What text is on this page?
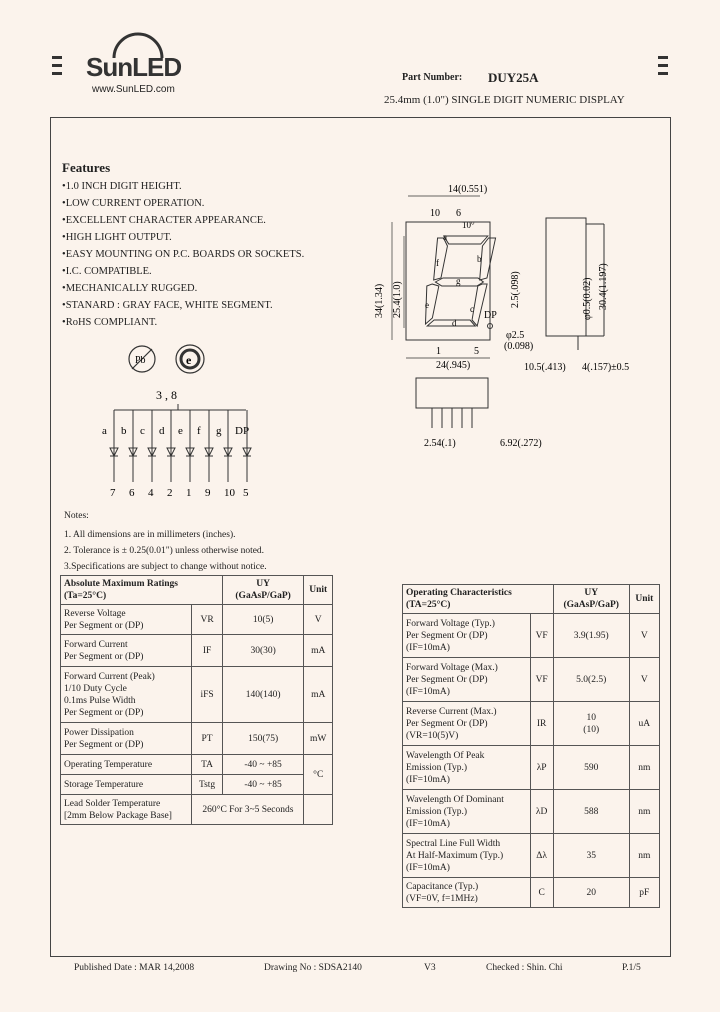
SunLED
www.SunLED.com
Part Number: DUY25A
25.4mm (1.0") SINGLE DIGIT NUMERIC DISPLAY
Features
•1.0 INCH DIGIT HEIGHT.
•LOW CURRENT OPERATION.
•EXCELLENT CHARACTER APPEARANCE.
•HIGH LIGHT OUTPUT.
•EASY MOUNTING ON P.C. BOARDS OR SOCKETS.
•I.C. COMPATIBLE.
•MECHANICALLY RUGGED.
•STANARD : GRAY FACE, WHITE SEGMENT.
•RoHS COMPLIANT.
Pb	e
3 , 8
a
7
b
6
c
4
d
2
e
1
f
9
g
10
DP
5
14(0.551)
10 6
10°
a
b
c
d
e
f
g
34(1.34) 25.4(1.0)	2.5(.098)
DP
φ2.5
(0.098)
1	5
24(.945)
2.54(.1)	6.92(.272)
φ0.5(0.02) 30.4(1.197)
10.5(.413) 4(.157)±0.5
Notes:
1. All dimensions are in millimeters (inches).
2. Tolerance is ± 0.25(0.01") unless otherwise noted.
3.Specifications are subject to change without notice.
Absolute Maximum Ratings
(Ta=25°C)		UY
(GaAsP/GaP)	Unit
Reverse Voltage
Per Segment or (DP)	VR	10(5)	V
Forward Current
Per Segment or (DP)	IF	30(30)	mA
Forward Current (Peak)
1/10 Duty Cycle
0.1ms Pulse Width
Per Segment or (DP)	iFS	140(140)	mA
Power Dissipation
Per Segment or (DP)	PT	150(75)	mW
Operating Temperature	TA	-40 ~ +85	°C
Storage Temperature	Tstg	-40 ~ +85	
Lead Solder Temperature
[2mm Below Package Base]	260°C For 3~5 Seconds		
Operating Characteristics
(TA=25°C)		UY
(GaAsP/GaP)	Unit
Forward Voltage (Typ.)
Per Segment Or (DP)
(IF=10mA)	VF	3.9(1.95)	V
Forward Voltage (Max.)
Per Segment Or (DP)
(IF=10mA)	VF	5.0(2.5)	V
Reverse Current (Max.)
Per Segment Or (DP)
(VR=10(5)V)	IR	10
(10)	uA
Wavelength Of Peak
Emission (Typ.)
(IF=10mA)	λP	590	nm
Wavelength Of Dominant
Emission (Typ.)
(IF=10mA)	λD	588	nm
Spectral Line Full Width
At Half-Maximum (Typ.)
(IF=10mA)	Δλ	35	nm
Capacitance (Typ.)
(VF=0V, f=1MHz)	C	20	pF
Published Date : MAR 14,2008	Drawing No : SDSA2140	V3	Checked : Shin. Chi	P.1/5
